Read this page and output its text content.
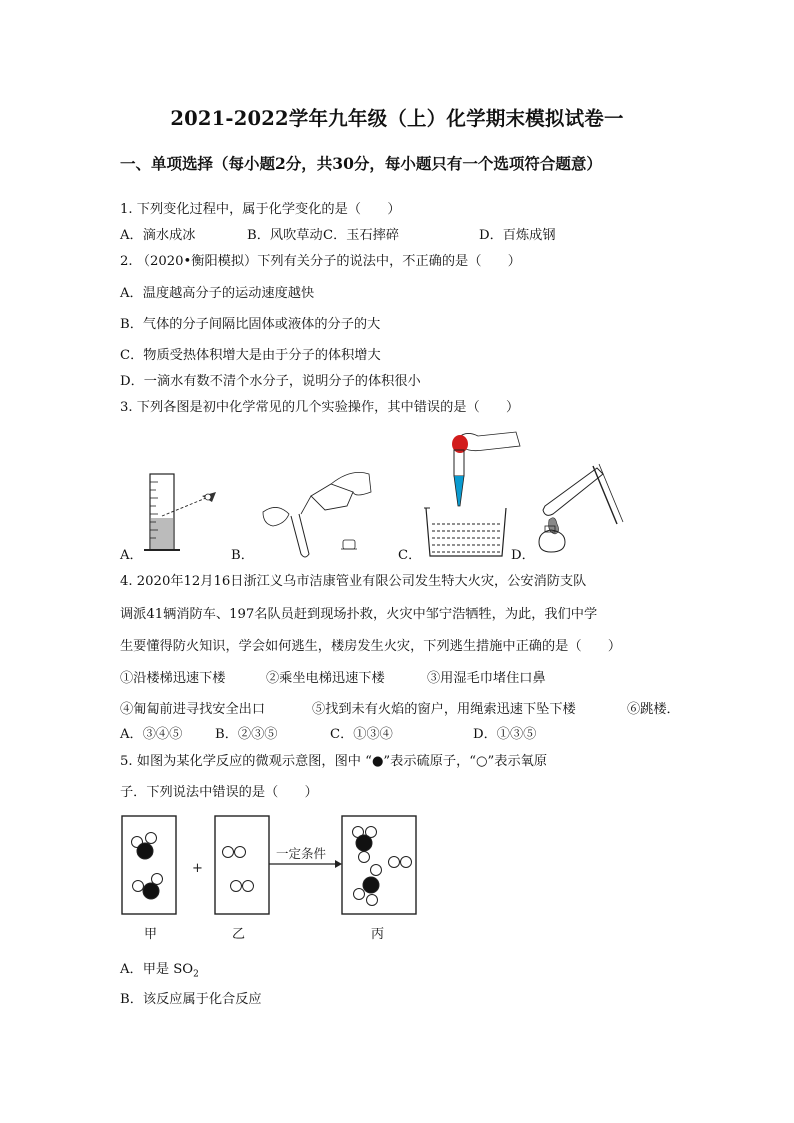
2021-2022学年九年级（上）化学期末模拟试卷一
一、单项选择（每小题2分，共30分，每小题只有一个选项符合题意）
1. 下列变化过程中，属于化学变化的是（　　）
A．滴水成冰	B．风吹草动 C．玉石摔碎	D．百炼成钢
2. （2020•衡阳模拟）下列有关分子的说法中，不正确的是（　　）
A．温度越高分子的运动速度越快
B．气体的分子间隔比固体或液体的分子的大
C．物质受热体积增大是由于分子的体积增大
D．一滴水有数不清个水分子，说明分子的体积很小
3. 下列各图是初中化学常见的几个实验操作，其中错误的是（　　）
A．	B．	C．	D．
4. 2020年12月16日浙江义乌市洁康管业有限公司发生特大火灾，公安消防支队
调派41辆消防车、197名队员赶到现场扑救，火灾中邹宁浩牺牲，为此，我们中学
生要懂得防火知识，学会如何逃生，楼房发生火灾，下列逃生措施中正确的是（　　）
①沿楼梯迅速下楼	②乘坐电梯迅速下楼	③用湿毛巾堵住口鼻
④匍匐前进寻找安全出口	⑤找到未有火焰的窗户，用绳索迅速下坠下楼	⑥跳楼．
A．③④⑤ B．②③⑤	C．①③④	D．①③⑤
5. 如图为某化学反应的微观示意图，图中 “●”表示硫原子，“○”表示氧原
子．下列说法中错误的是（　　）
+
一定条件
甲	乙	丙
A．甲是 $SO_2$
B．该反应属于化合反应
